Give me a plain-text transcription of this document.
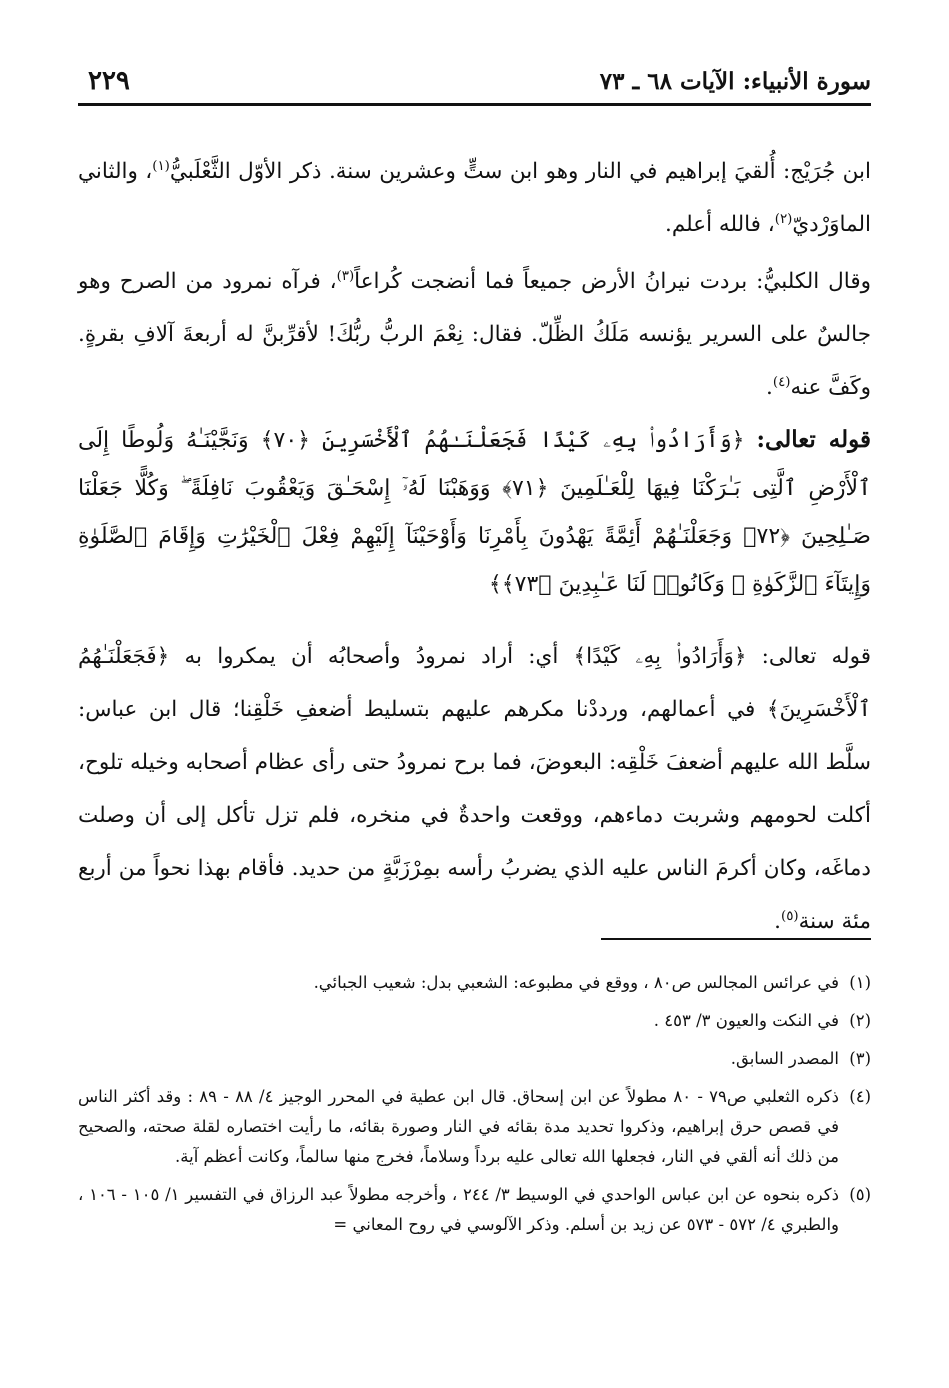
سورة الأنبياء: الآيات ٦٨ ـ ٧٣
٢٢٩
ابن جُرَيْج: أُلقيَ إبراهيم في النار وهو ابن ستٍّ وعشرين سنة. ذكر الأوّل الثَّعْلَبيُّ$^{(١)}$، والثاني الماوَرْديّ$^{(٢)}$، فالله أعلم.
وقال الكلبيُّ: بردت نيرانُ الأرض جميعاً فما أنضجت كُراعاً$^{(٣)}$، فرآه نمرود من الصرح وهو جالسٌ على السرير يؤنسه مَلَكُ الظِّلّ. فقال: نِعْمَ الربُّ ربُّكَ! لأقرِّبنَّ له أربعةَ آلافِ بقرةٍ. وكَفَّ عنه$^{(٤)}$.
قوله تعالى: ﴿وَأَرَادُوا۟ بِهِۦ كَيْدًا فَجَعَلْنَـٰهُمُ ٱلْأَخْسَرِينَ ﴿٧٠﴾ وَنَجَّيْنَـٰهُ وَلُوطًا إِلَى ٱلْأَرْضِ ٱلَّتِى بَـٰرَكْنَا فِيهَا لِلْعَـٰلَمِينَ ﴿٧١﴾ وَوَهَبْنَا لَهُۥٓ إِسْحَـٰقَ وَيَعْقُوبَ نَافِلَةً ۖ وَكُلًّا جَعَلْنَا صَـٰلِحِينَ ﴿٧٢﴾ وَجَعَلْنَـٰهُمْ أَئِمَّةً يَهْدُونَ بِأَمْرِنَا وَأَوْحَيْنَآ إِلَيْهِمْ فِعْلَ ٱلْخَيْرَٰتِ وَإِقَامَ ٱلصَّلَوٰةِ وَإِيتَآءَ ٱلزَّكَوٰةِ ۖ وَكَانُوا۟ لَنَا عَـٰبِدِينَ ﴿٧٣﴾﴾
قوله تعالى: ﴿وَأَرَادُوا۟ بِهِۦ كَيْدًا﴾ أي: أراد نمرودُ وأصحابُه أن يمكروا به ﴿فَجَعَلْنَـٰهُمُ ٱلْأَخْسَرِينَ﴾ في أعمالهم، ورددْنا مكرهم عليهم بتسليط أضعفِ خَلْقِنا؛ قال ابن عباس: سلَّط الله عليهم أضعفَ خَلْقِه: البعوضَ، فما برح نمرودُ حتى رأى عظام أصحابه وخيله تلوح، أكلت لحومهم وشربت دماءهم، ووقعت واحدةٌ في منخره، فلم تزل تأكل إلى أن وصلت دماغَه، وكان أكرمَ الناس عليه الذي يضربُ رأسه بمِرْزَبَّةٍ من حديد. فأقام بهذا نحواً من أربع مئة سنة$^{(٥)}$.
(١)
في عرائس المجالس ص٨٠ ، ووقع في مطبوعه: الشعبي بدل: شعيب الجبائي.
(٢)
في النكت والعيون ٣/ ٤٥٣ .
(٣)
المصدر السابق.
(٤)
ذكره الثعلبي ص٧٩ - ٨٠ مطولاً عن ابن إسحاق. قال ابن عطية في المحرر الوجيز ٤/ ٨٨ - ٨٩ : وقد أكثر الناس في قصص حرق إبراهيم، وذكروا تحديد مدة بقائه في النار وصورة بقائه، ما رأيت اختصاره لقلة صحته، والصحيح من ذلك أنه ألقي في النار، فجعلها الله تعالى عليه برداً وسلاماً، فخرج منها سالماً، وكانت أعظم آية.
(٥)
ذكره بنحوه عن ابن عباس الواحدي في الوسيط ٣/ ٢٤٤ ، وأخرجه مطولاً عبد الرزاق في التفسير ١/ ١٠٥ - ١٠٦ ، والطبري ٤/ ٥٧٢ - ٥٧٣ عن زيد بن أسلم. وذكر الآلوسي في روح المعاني =
